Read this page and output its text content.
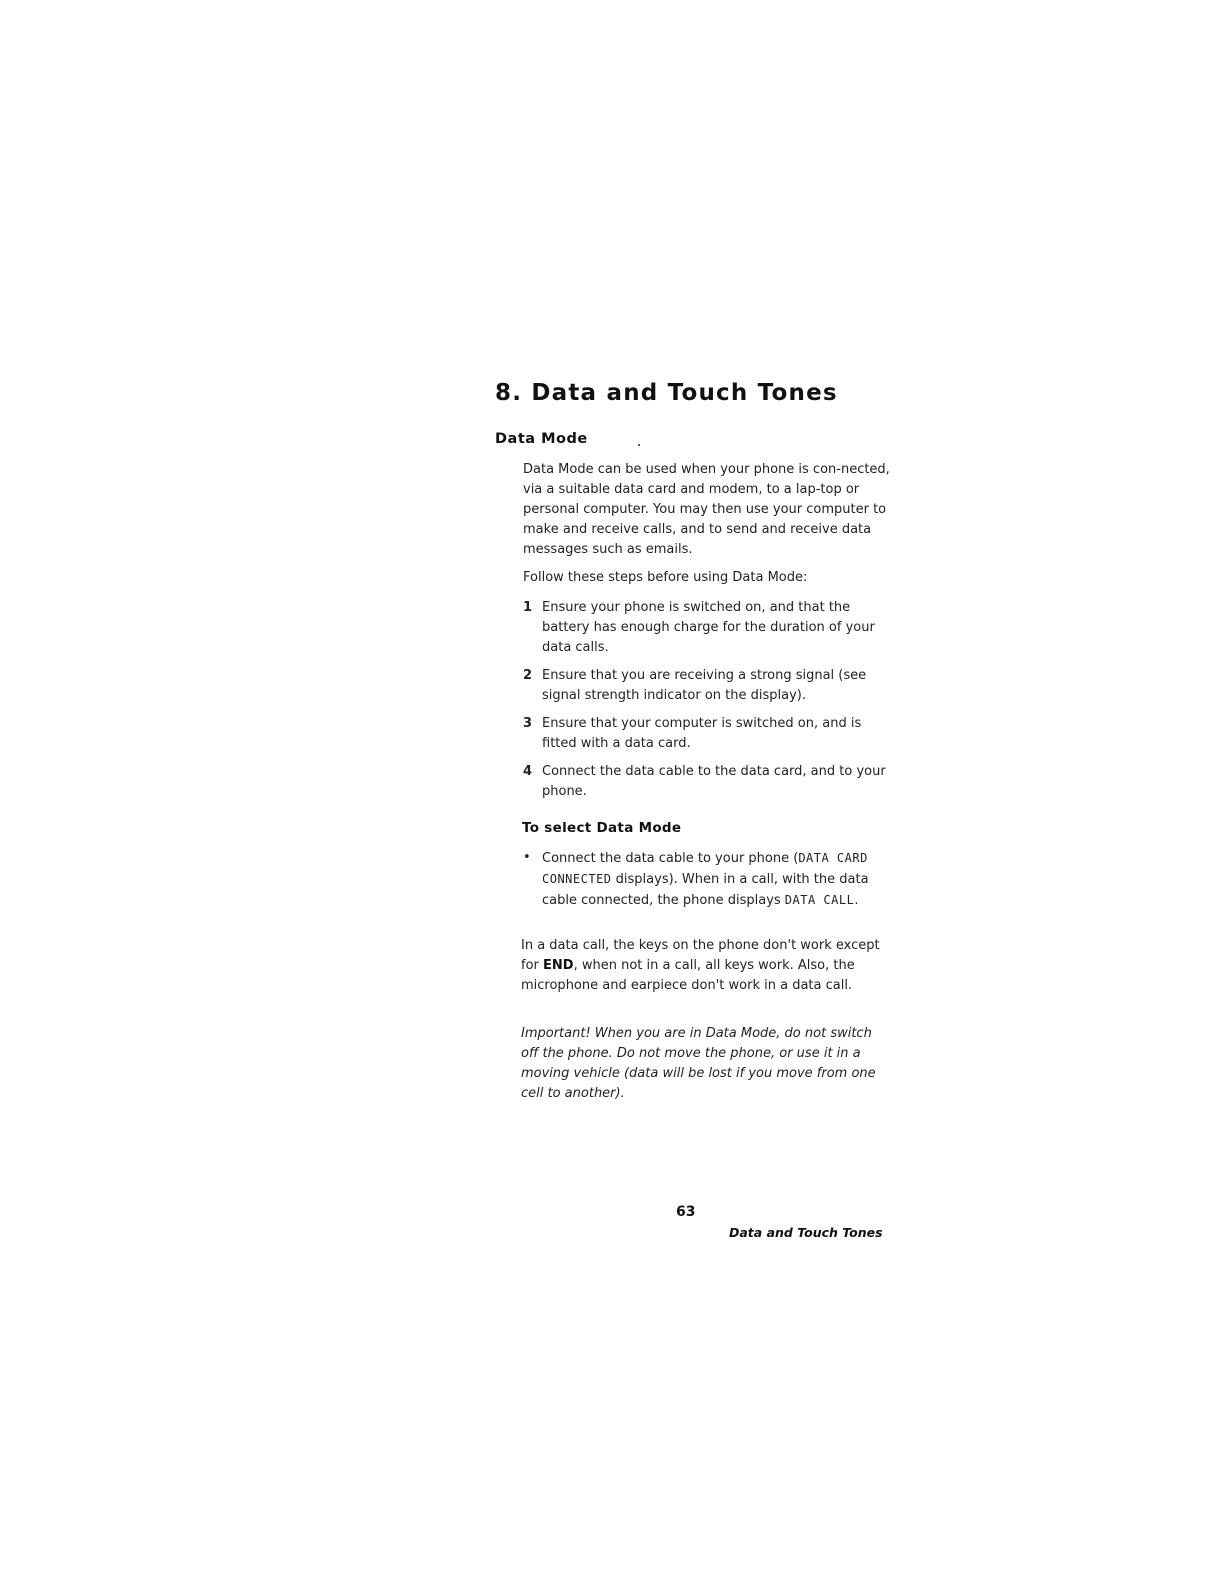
8. Data and Touch Tones
Data Mode

Data Mode can be used when your phone is con-nected, via a suitable data card and modem, to a lap-top or personal computer. You may then use your computer to make and receive calls, and to send and receive data messages such as emails.

Follow these steps before using Data Mode:

1 Ensure your phone is switched on, and that the battery has enough charge for the duration of your data calls.
2 Ensure that you are receiving a strong signal (see signal strength indicator on the display).
3 Ensure that your computer is switched on, and is fitted with a data card.
4 Connect the data cable to the data card, and to your phone.
To select Data Mode
• Connect the data cable to your phone (DATA CARD CONNECTED displays). When in a call, with the data cable connected, the phone displays DATA CALL.

In a data call, the keys on the phone don't work except for END, when not in a call, all keys work. Also, the microphone and earpiece don't work in a data call.

Important! When you are in Data Mode, do not switch off the phone. Do not move the phone, or use it in a moving vehicle (data will be lost if you move from one cell to another).

63
Data and Touch Tones
